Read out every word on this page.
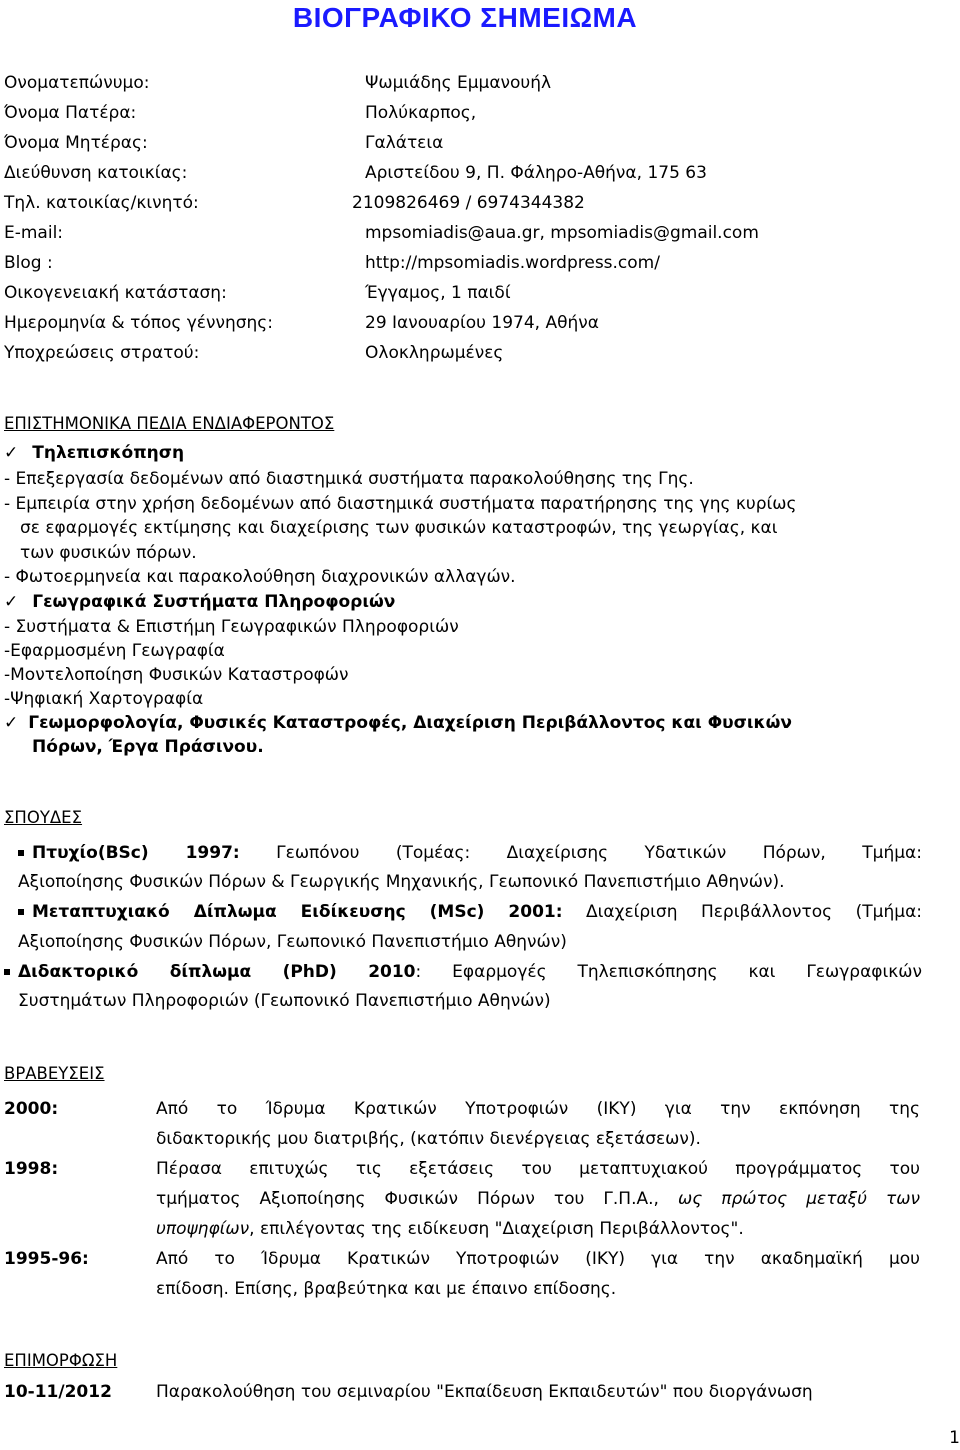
ΒΙΟΓΡΑΦΙΚΟ ΣΗΜΕΙΩΜΑ
Ονοματεπώνυμο:	Ψωμιάδης Εμμανουήλ
Όνομα Πατέρα:	Πολύκαρπος,
Όνομα Μητέρας:	Γαλάτεια
Διεύθυνση κατοικίας:	Αριστείδου 9, Π. Φάληρο-Αθήνα, 175 63
Τηλ. κατοικίας/κινητό:	2109826469 / 6974344382
E-mail:	mpsomiadis@aua.gr, mpsomiadis@gmail.com
Blog :	http://mpsomiadis.wordpress.com/
Οικογενειακή κατάσταση:	Έγγαμος, 1 παιδί
Ημερομηνία & τόπος γέννησης:	29 Ιανουαρίου 1974, Αθήνα
Υποχρεώσεις στρατού:	Ολοκληρωμένες
ΕΠΙΣΤΗΜΟΝΙΚΑ ΠΕΔΙΑ ΕΝΔΙΑΦΕΡΟΝΤΟΣ
✓ Τηλεπισκόπηση
- Επεξεργασία δεδομένων από διαστημικά συστήματα παρακολούθησης της Γης.
- Εμπειρία στην χρήση δεδομένων από διαστημικά συστήματα παρατήρησης της γης κυρίως
σε εφαρμογές εκτίμησης και διαχείρισης των φυσικών καταστροφών, της γεωργίας, και
των φυσικών πόρων.
- Φωτοερμηνεία και παρακολούθηση διαχρονικών αλλαγών.
✓ Γεωγραφικά Συστήματα Πληροφοριών
- Συστήματα & Επιστήμη Γεωγραφικών Πληροφοριών
-Εφαρμοσμένη Γεωγραφία
-Μοντελοποίηση Φυσικών Καταστροφών
-Ψηφιακή Χαρτογραφία
✓ Γεωμορφολογία, Φυσικές Καταστροφές, Διαχείριση Περιβάλλοντος και Φυσικών
Πόρων, Έργα Πράσινου.
ΣΠΟΥΔΕΣ
Πτυχίο(BSc) 1997: Γεωπόνου (Τομέας: Διαχείρισης Υδατικών Πόρων, Τμήμα:
Αξιοποίησης Φυσικών Πόρων & Γεωργικής Μηχανικής, Γεωπονικό Πανεπιστήμιο Αθηνών).
Μεταπτυχιακό Δίπλωμα Ειδίκευσης (MSc) 2001: Διαχείριση Περιβάλλοντος (Τμήμα:
Αξιοποίησης Φυσικών Πόρων, Γεωπονικό Πανεπιστήμιο Αθηνών)
Διδακτορικό δίπλωμα (PhD) 2010: Εφαρμογές Τηλεπισκόπησης και Γεωγραφικών
Συστημάτων Πληροφοριών (Γεωπονικό Πανεπιστήμιο Αθηνών)
ΒΡΑΒΕΥΣΕΙΣ
2000:	Από το Ίδρυμα Κρατικών Υποτροφιών (ΙΚΥ) για την εκπόνηση της
διδακτορικής μου διατριβής, (κατόπιν διενέργειας εξετάσεων).
1998:	Πέρασα επιτυχώς τις εξετάσεις του μεταπτυχιακού προγράμματος του
τμήματος Αξιοποίησης Φυσικών Πόρων του Γ.Π.Α., ως πρώτος μεταξύ των
υποψηφίων, επιλέγοντας της ειδίκευση "Διαχείριση Περιβάλλοντος".
1995-96:	Από το Ίδρυμα Κρατικών Υποτροφιών (ΙΚΥ) για την ακαδημαϊκή μου
επίδοση. Επίσης, βραβεύτηκα και με έπαινο επίδοσης.
ΕΠΙΜΟΡΦΩΣΗ
10-11/2012	Παρακολούθηση του σεμιναρίου "Εκπαίδευση Εκπαιδευτών" που διοργάνωση
1
